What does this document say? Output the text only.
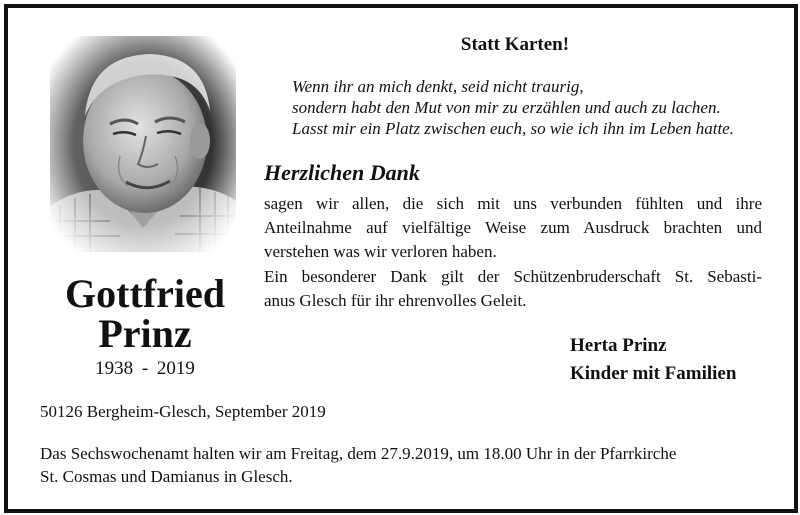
Gottfried
Prinz
1938 - 2019
Statt Karten!
Wenn ihr an mich denkt, seid nicht traurig,
sondern habt den Mut von mir zu erzählen und auch zu lachen.
Lasst mir ein Platz zwischen euch, so wie ich ihn im Leben hatte.
Herzlichen Dank
sagen wir allen, die sich mit uns verbunden fühlten und ihre
Anteilnahme auf vielfältige Weise zum Ausdruck brachten und
verstehen was wir verloren haben.
Ein besonderer Dank gilt der Schützenbruderschaft St. Sebasti-
anus Glesch für ihr ehrenvolles Geleit.
Herta Prinz
Kinder mit Familien
50126 Bergheim-Glesch, September 2019
Das Sechswochenamt halten wir am Freitag, dem 27.9.2019, um 18.00 Uhr in der Pfarrkirche
St. Cosmas und Damianus in Glesch.
